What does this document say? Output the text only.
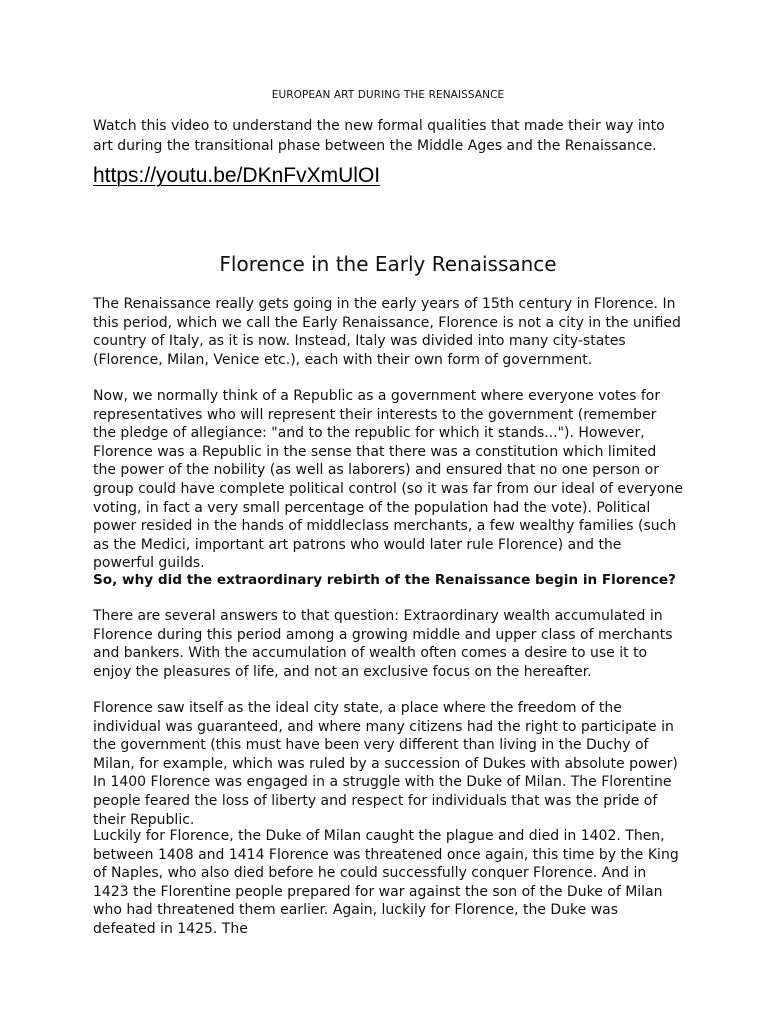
EUROPEAN ART DURING THE RENAISSANCE

Watch this video to understand the new formal qualities that made their way into art during the transitional phase between the Middle Ages and the Renaissance.

https://youtu.be/DKnFvXmUlOI
Florence in the Early Renaissance

The Renaissance really gets going in the early years of 15th century in Florence. In this period, which we call the Early Renaissance, Florence is not a city in the unified country of Italy, as it is now. Instead, Italy was divided into many city-states (Florence, Milan, Venice etc.), each with their own form of government.

Now, we normally think of a Republic as a government where everyone votes for representatives who will represent their interests to the government (remember the pledge of allegiance: "and to the republic for which it stands..."). However, Florence was a Republic in the sense that there was a constitution which limited the power of the nobility (as well as laborers) and ensured that no one person or group could have complete political control (so it was far from our ideal of everyone voting, in fact a very small percentage of the population had the vote). Political power resided in the hands of middleclass merchants, a few wealthy families (such as the Medici, important art patrons who would later rule Florence) and the powerful guilds.

So, why did the extraordinary rebirth of the Renaissance begin in Florence?

There are several answers to that question: Extraordinary wealth accumulated in Florence during this period among a growing middle and upper class of merchants and bankers. With the accumulation of wealth often comes a desire to use it to enjoy the pleasures of life, and not an exclusive focus on the hereafter.

Florence saw itself as the ideal city state, a place where the freedom of the individual was guaranteed, and where many citizens had the right to participate in the government (this must have been very different than living in the Duchy of Milan, for example, which was ruled by a succession of Dukes with absolute power) In 1400 Florence was engaged in a struggle with the Duke of Milan. The Florentine people feared the loss of liberty and respect for individuals that was the pride of their Republic.

Luckily for Florence, the Duke of Milan caught the plague and died in 1402. Then, between 1408 and 1414 Florence was threatened once again, this time by the King of Naples, who also died before he could successfully conquer Florence. And in 1423 the Florentine people prepared for war against the son of the Duke of Milan who had threatened them earlier. Again, luckily for Florence, the Duke was defeated in 1425. The
